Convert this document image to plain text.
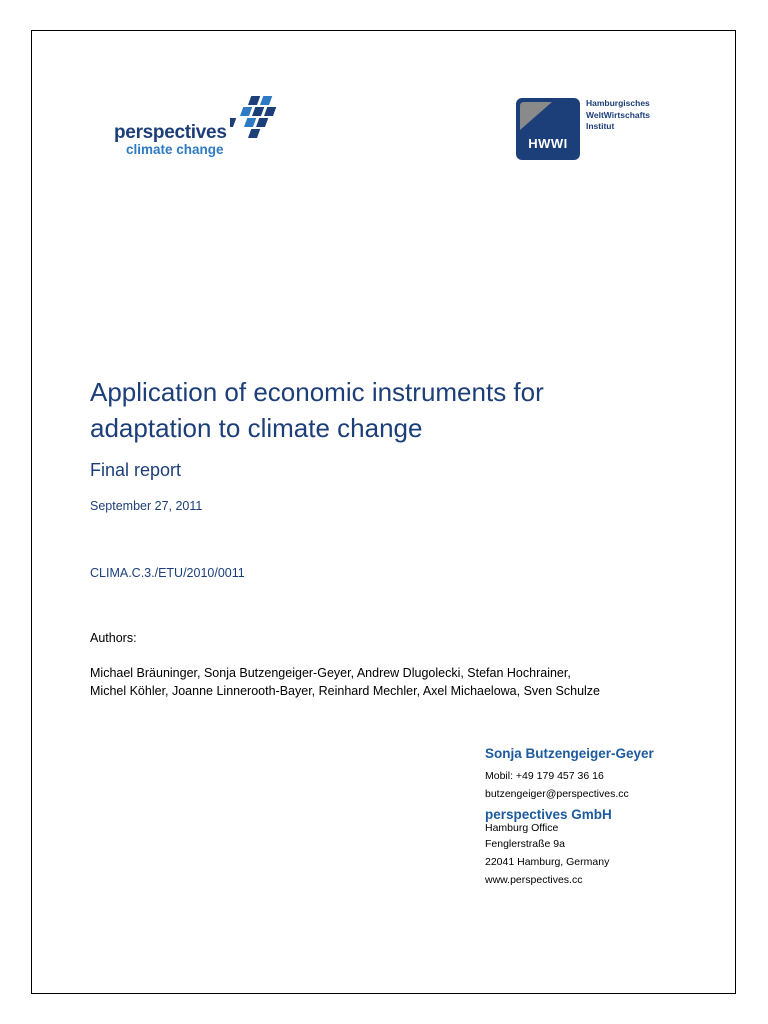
perspectives
climate change	HWWI
Hamburgisches
WeltWirtschafts
Institut
Application of economic instruments for
adaptation to climate change
Final report
September 27, 2011
CLIMA.C.3./ETU/2010/0011
Authors:
Michael Bräuninger, Sonja Butzengeiger-Geyer, Andrew Dlugolecki, Stefan Hochrainer,
Michel Köhler, Joanne Linnerooth-Bayer, Reinhard Mechler, Axel Michaelowa, Sven Schulze
Sonja Butzengeiger-Geyer
Mobil: +49 179 457 36 16
butzengeiger@perspectives.cc
perspectives GmbH
Hamburg Office
Fenglerstraße 9a
22041 Hamburg, Germany
www.perspectives.cc
